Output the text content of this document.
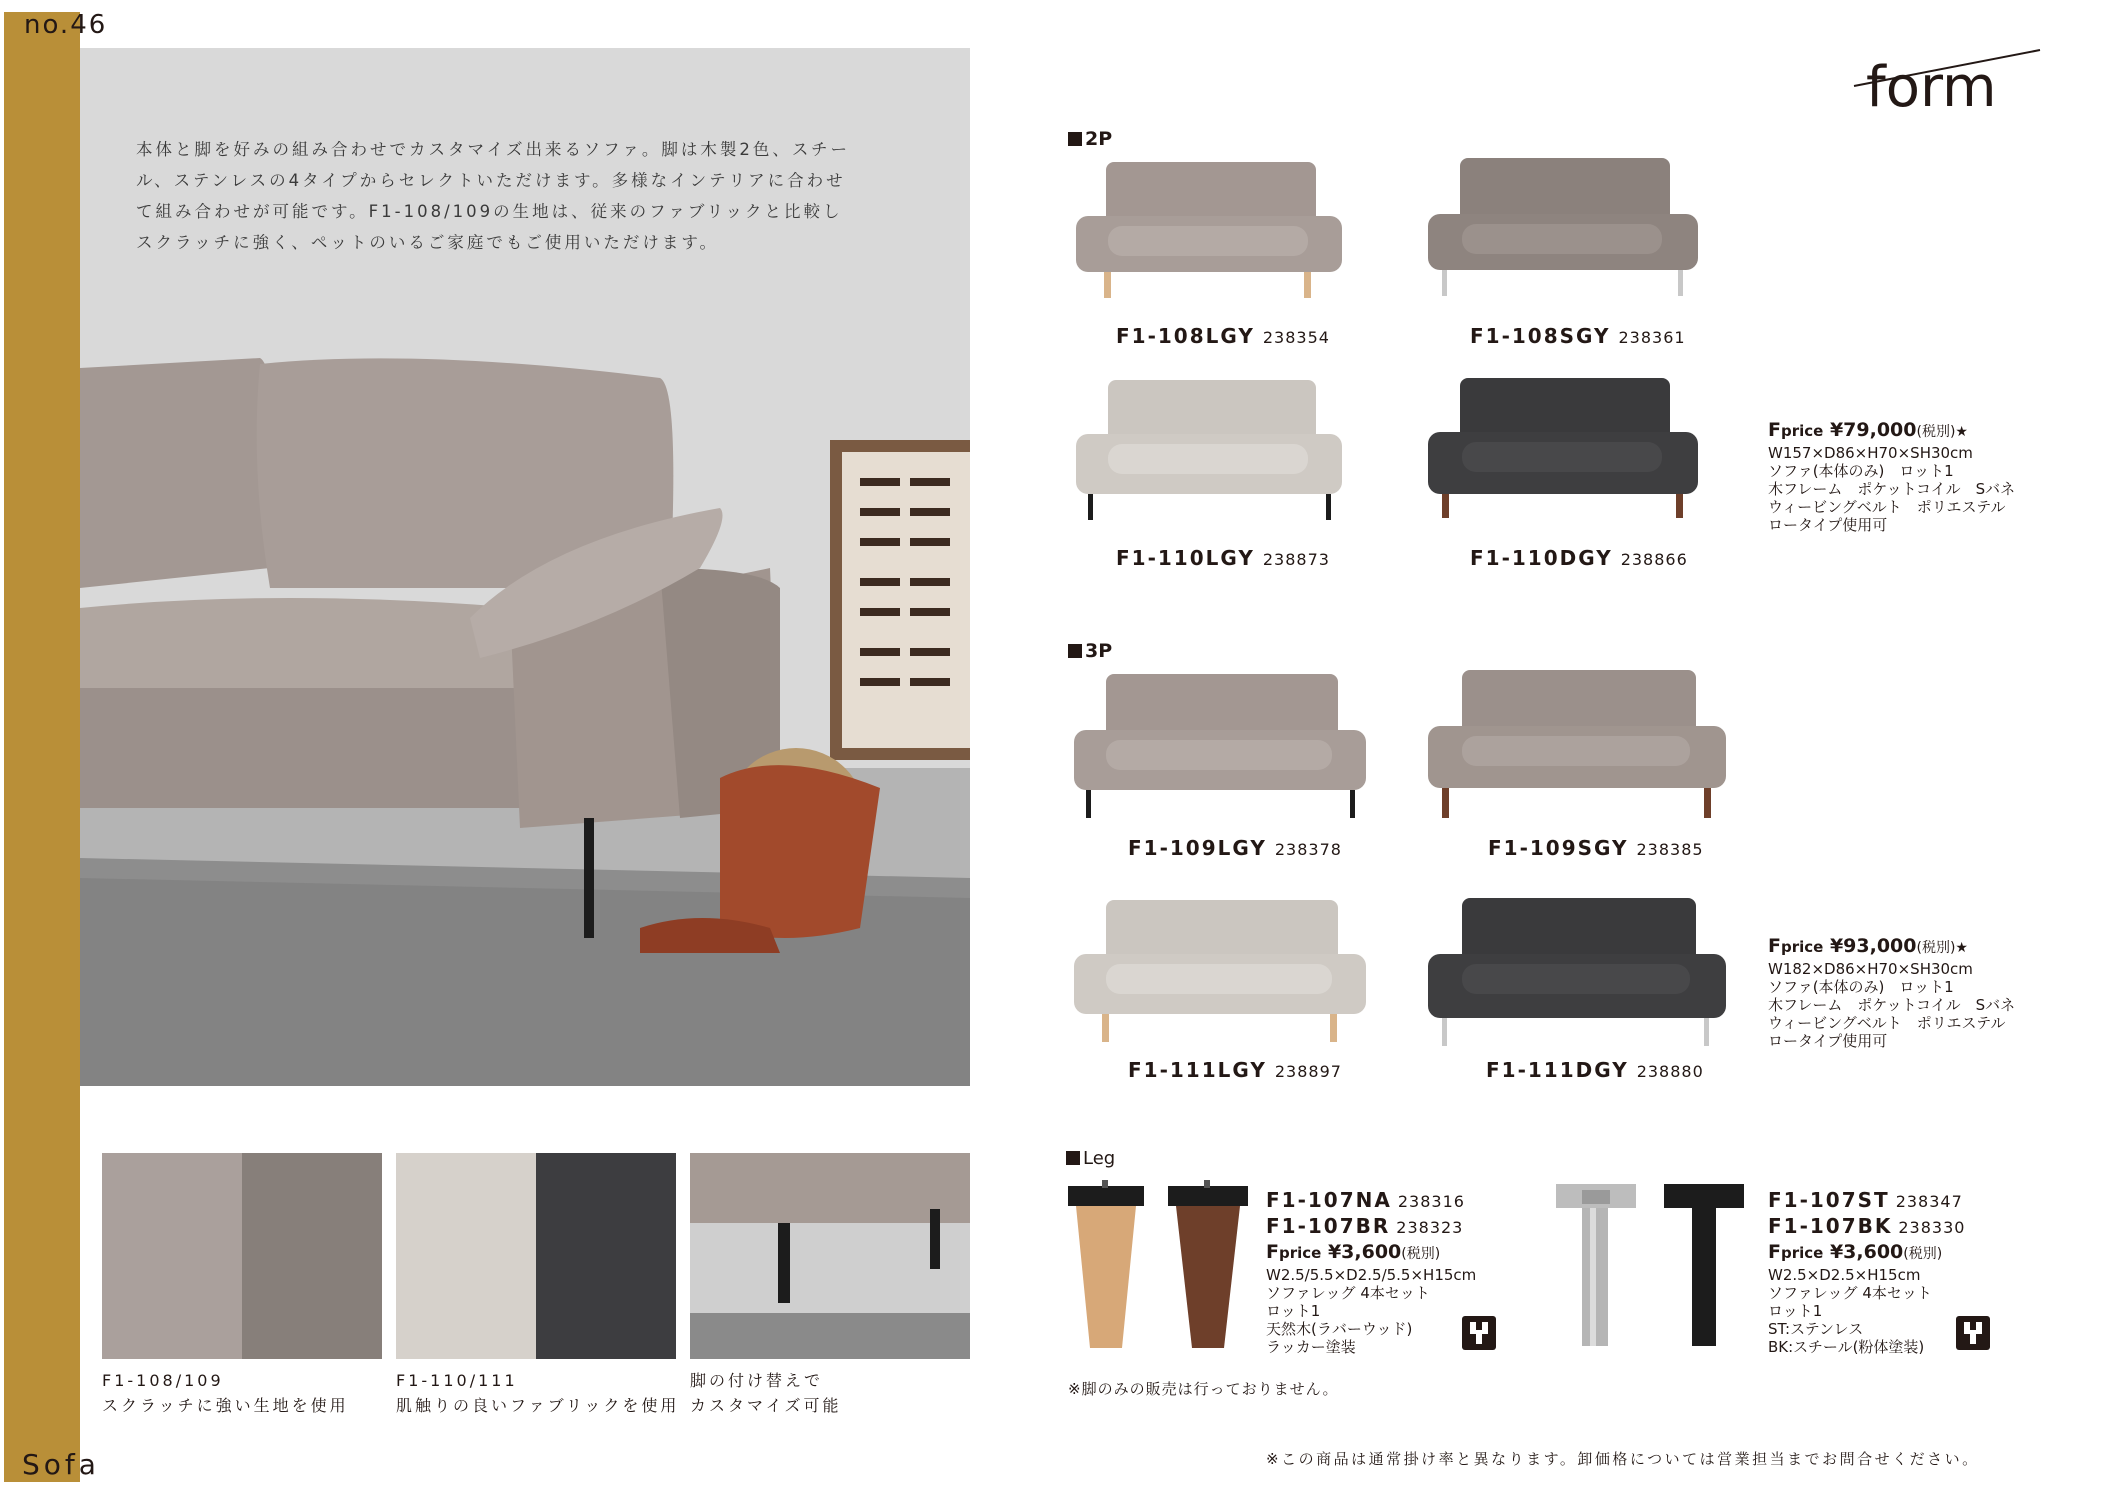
no.46
Sofa
本体と脚を好みの組み合わせでカスタマイズ出来るソファ。脚は木製2色、スチール、ステンレスの4タイプからセレクトいただけます。多様なインテリアに合わせて組み合わせが可能です。F1-108/109の生地は、従来のファブリックと比較しスクラッチに強く、ペットのいるご家庭でもご使用いただけます。
F1-108/109
スクラッチに強い生地を使用
F1-110/111
肌触りの良いファブリックを使用
脚の付け替えで
カスタマイズ可能
form
2P
F1-108LGY 238354	F1-108SGY 238361
F1-110LGY 238873	F1-110DGY 238866
Fprice ¥79,000(税別)★
W157×D86×H70×SH30cm
ソファ(本体のみ)　ロット1
木フレーム　ポケットコイル　Sバネ
ウィービングベルト　ポリエステル
ロータイプ使用可
3P
F1-109LGY 238378	F1-109SGY 238385
F1-111LGY 238897	F1-111DGY 238880
Fprice ¥93,000(税別)★
W182×D86×H70×SH30cm
ソファ(本体のみ)　ロット1
木フレーム　ポケットコイル　Sバネ
ウィービングベルト　ポリエステル
ロータイプ使用可
Leg
F1-107NA 238316
F1-107BR 238323
Fprice ¥3,600(税別)
W2.5/5.5×D2.5/5.5×H15cm
ソファレッグ 4本セット
ロット1
天然木(ラバーウッド)
ラッカー塗装
F1-107ST 238347
F1-107BK 238330
Fprice ¥3,600(税別)
W2.5×D2.5×H15cm
ソファレッグ 4本セット
ロット1
ST:ステンレス
BK:スチール(粉体塗装)
※脚のみの販売は行っておりません。
※この商品は通常掛け率と異なります。卸価格については営業担当までお問合せください。
